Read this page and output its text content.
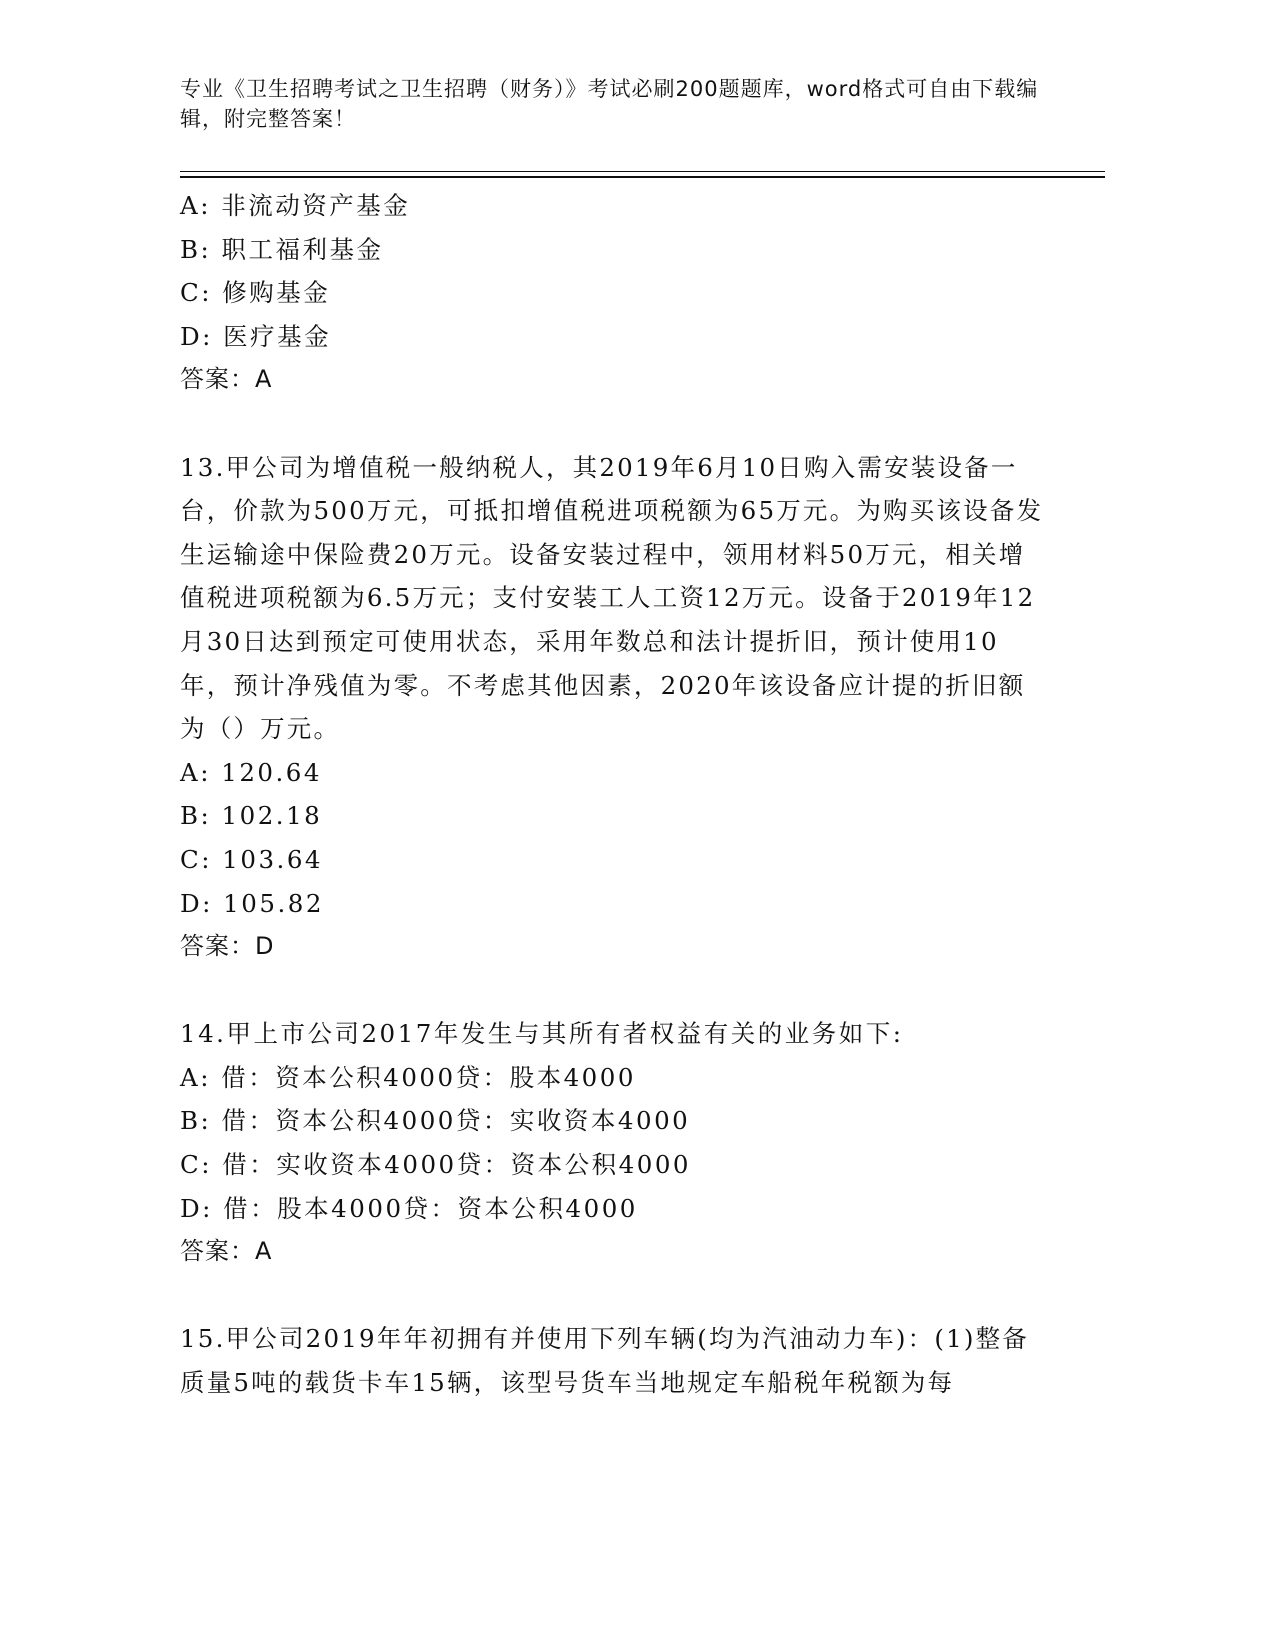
专业《卫生招聘考试之卫生招聘（财务）》考试必刷200题题库，word格式可自由下载编辑，附完整答案！
A: 非流动资产基金
B: 职工福利基金
C: 修购基金
D: 医疗基金
答案：A
13.甲公司为增值税一般纳税人，其2019年6月10日购入需安装设备一台，价款为500万元，可抵扣增值税进项税额为65万元。为购买该设备发生运输途中保险费20万元。设备安装过程中，领用材料50万元，相关增值税进项税额为6.5万元；支付安装工人工资12万元。设备于2019年12月30日达到预定可使用状态，采用年数总和法计提折旧，预计使用10年，预计净残值为零。不考虑其他因素，2020年该设备应计提的折旧额为（）万元。
A: 120.64
B: 102.18
C: 103.64
D: 105.82
答案：D
14.甲上市公司2017年发生与其所有者权益有关的业务如下:
A: 借：资本公积4000贷：股本4000
B: 借：资本公积4000贷：实收资本4000
C: 借：实收资本4000贷：资本公积4000
D: 借：股本4000贷：资本公积4000
答案：A
15.甲公司2019年年初拥有并使用下列车辆(均为汽油动力车)：(1)整备质量5吨的载货卡车15辆，该型号货车当地规定车船税年税额为每
